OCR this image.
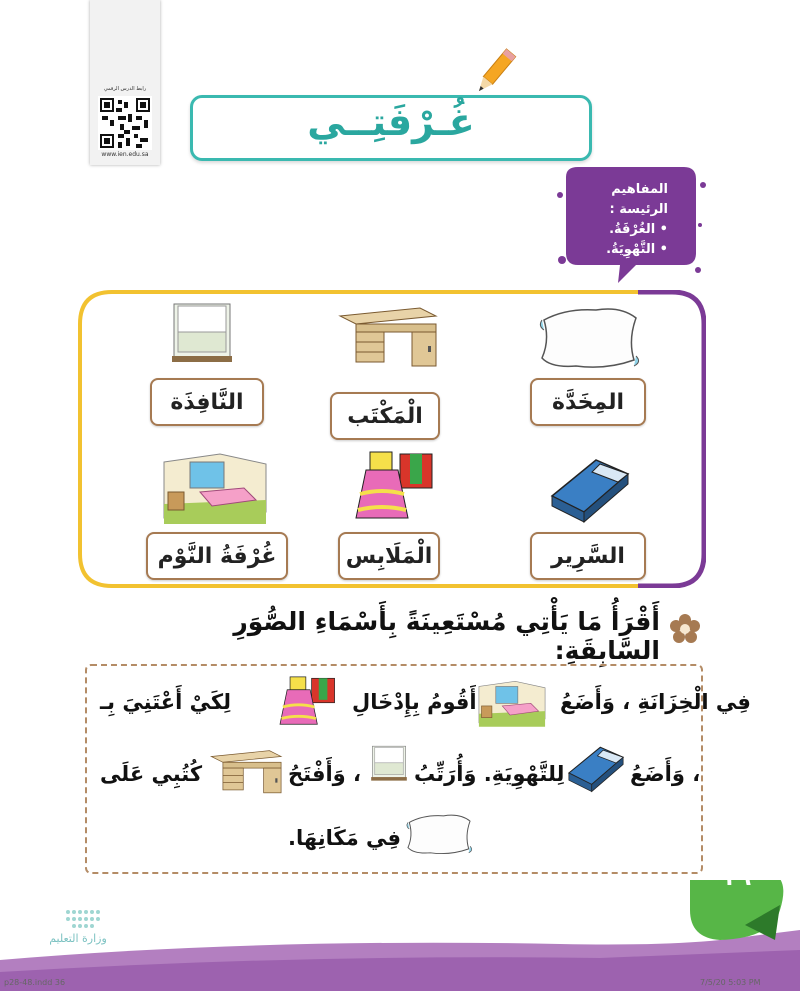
رابط الدرس الرقمي
www.ien.edu.sa
غُـرْفَتِــي
المفاهيم الرئيسة :
• الغُرْفَةُ.
• التَّهْوِيَةُ.
المِخَدَّة
الْمَكْتَب
النَّافِذَة
السَّرِير
الْمَلَابِس
غُرْفَةُ النَّوْم
أَقْرَأُ مَا يَأْتِي مُسْتَعِينَةً بِأَسْمَاءِ الصُّوَرِ السَّابِقَةِ:
فِي الْخِزَانَةِ ، وَأَضَعُ
أَقُومُ بِإِدْخَالِ
لِكَيْ أَعْتَنِيَ بِـ
، وَأَضَعُ
لِلتَّهْوِيَةِ. وَأُرَتِّبُ
، وَأَفْتَحُ
كُتُبِي عَلَى
فِي مَكَانِهَا.
٢٦
وزارة التعليم
p28-48.indd 36	7/5/20 5:03 PM
